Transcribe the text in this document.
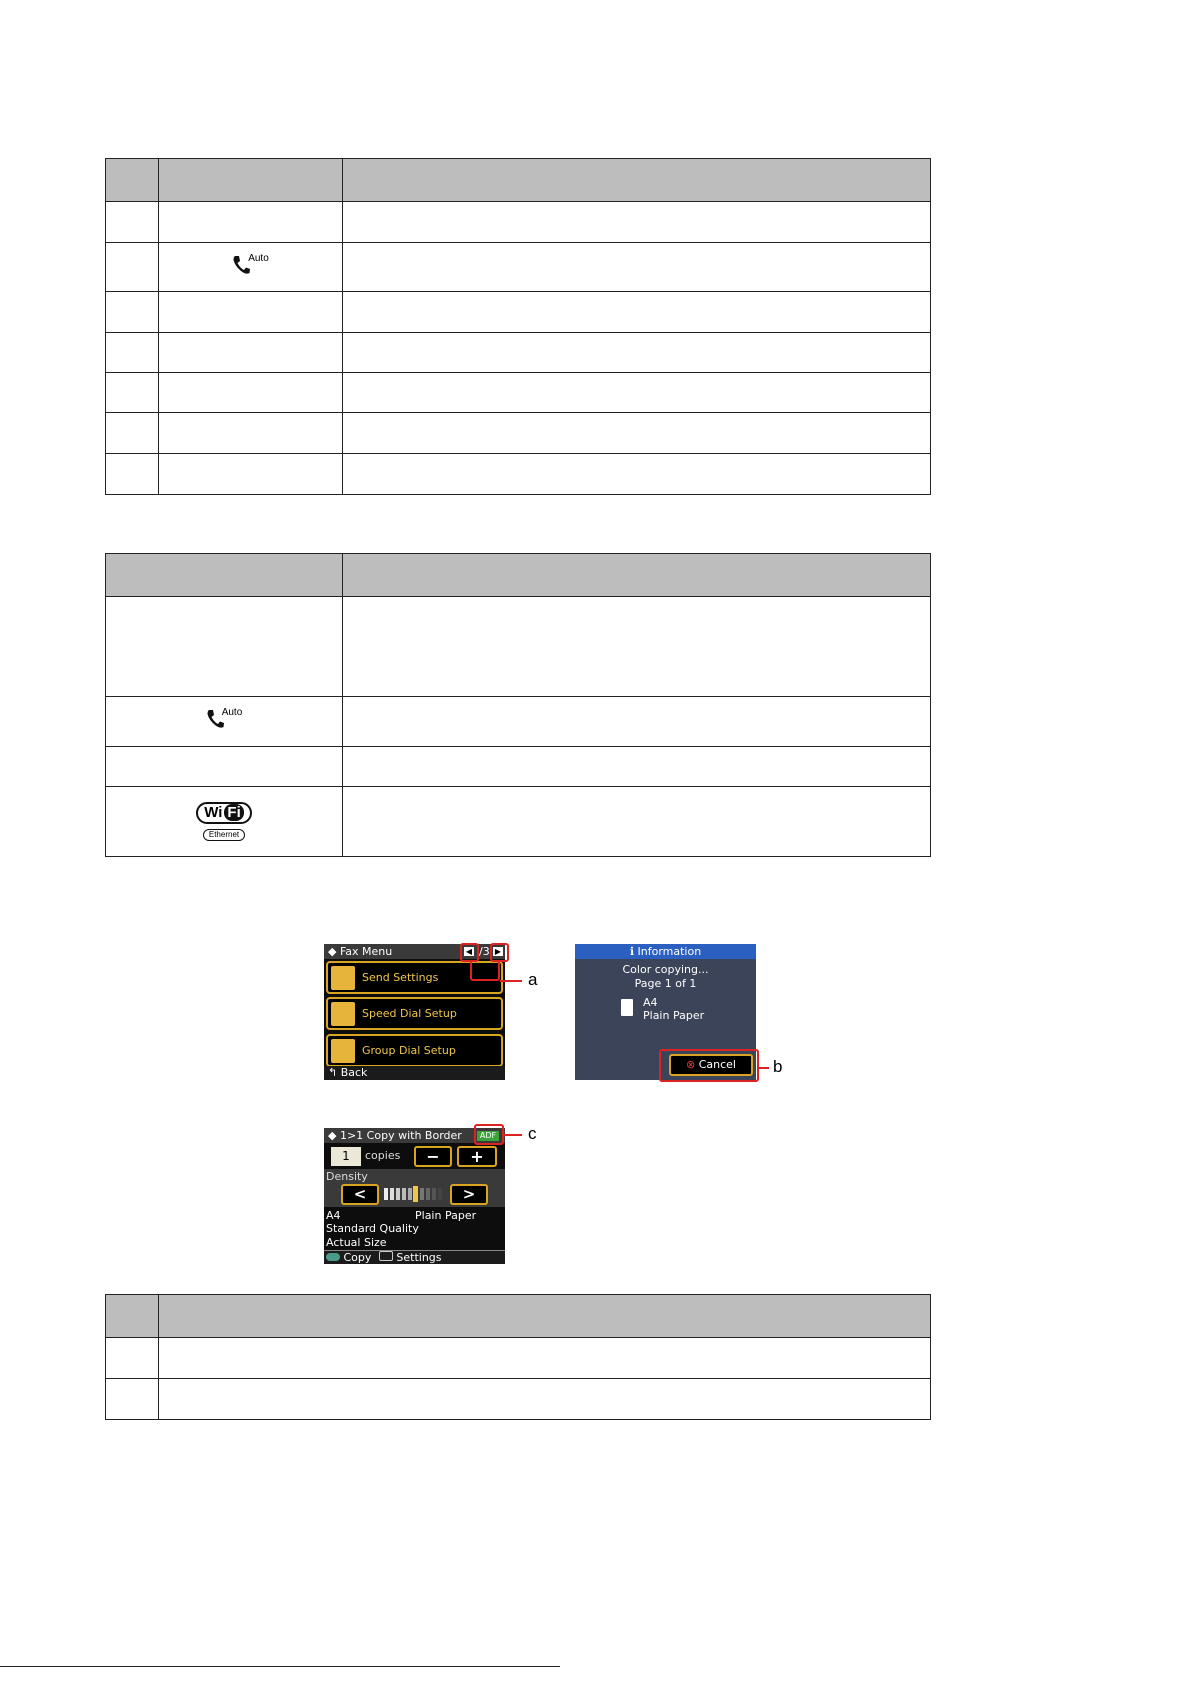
	Auto	

Auto	

Wi Fi
Ethernet	

◆ Fax Menu	◀ /3 ▶
Send Settings
Speed Dial Setup
Group Dial Setup
↰ Back
a
ℹ Information
Color copying...
Page 1 of 1
A4
Plain Paper
⊗ Cancel	b
◆ 1>1 Copy with Border	ADF
1	copies	−	+
Density
<	>
A4	Plain Paper
Standard Quality
Actual Size
Copy Settings
c
